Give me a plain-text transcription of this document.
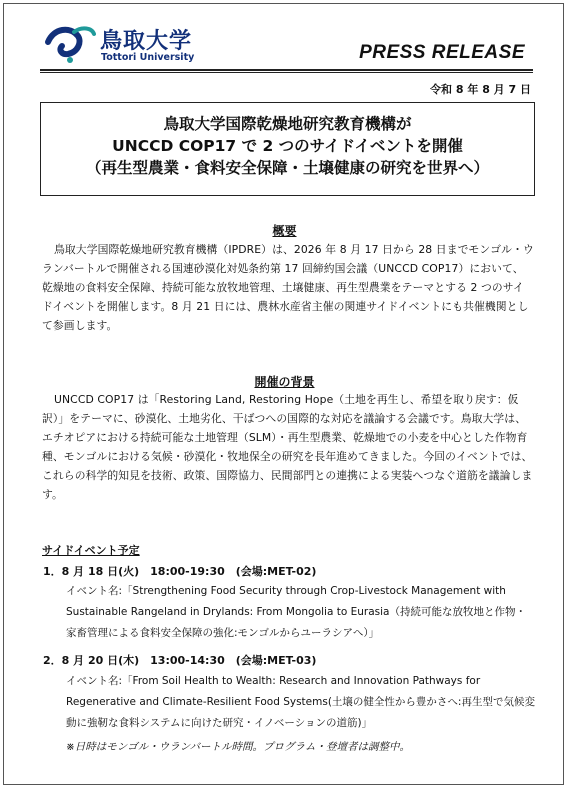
鳥取大学
Tottori University	PRESS RELEASE
令和 8 年 8 月 7 日
鳥取大学国際乾燥地研究教育機構が
UNCCD COP17 で 2 つのサイドイベントを開催
（再生型農業・食料安全保障・土壌健康の研究を世界へ）
概要
鳥取大学国際乾燥地研究教育機構（IPDRE）は、2026 年 8 月 17 日から 28 日までモンゴル・ウランバートルで開催される国連砂漠化対処条約第 17 回締約国会議（UNCCD COP17）において、乾燥地の食料安全保障、持続可能な放牧地管理、土壌健康、再生型農業をテーマとする 2 つのサイドイベントを開催します。8 月 21 日には、農林水産省主催の関連サイドイベントにも共催機関として参画します。
開催の背景
UNCCD COP17 は「Restoring Land, Restoring Hope（土地を再生し、希望を取り戻す：仮訳）」をテーマに、砂漠化、土地劣化、干ばつへの国際的な対応を議論する会議です。鳥取大学は、エチオピアにおける持続可能な土地管理（SLM）・再生型農業、乾燥地での小麦を中心とした作物育種、モンゴルにおける気候・砂漠化・牧地保全の研究を長年進めてきました。今回のイベントでは、これらの科学的知見を技術、政策、国際協力、民間部門との連携による実装へつなぐ道筋を議論します。
サイドイベント予定
1．8 月 18 日(火)　18:00-19:30　(会場:MET-02)
イベント名:「Strengthening Food Security through Crop-Livestock Management with Sustainable Rangeland in Drylands: From Mongolia to Eurasia（持続可能な放牧地と作物・家畜管理による食料安全保障の強化:モンゴルからユーラシアへ）」
2．8 月 20 日(木)　13:00-14:30　(会場:MET-03)
イベント名:「From Soil Health to Wealth: Research and Innovation Pathways for Regenerative and Climate-Resilient Food Systems(土壌の健全性から豊かさへ:再生型で気候変動に強靭な食料システムに向けた研究・イノベーションの道筋)」
※日時はモンゴル・ウランバートル時間。プログラム・登壇者は調整中。
